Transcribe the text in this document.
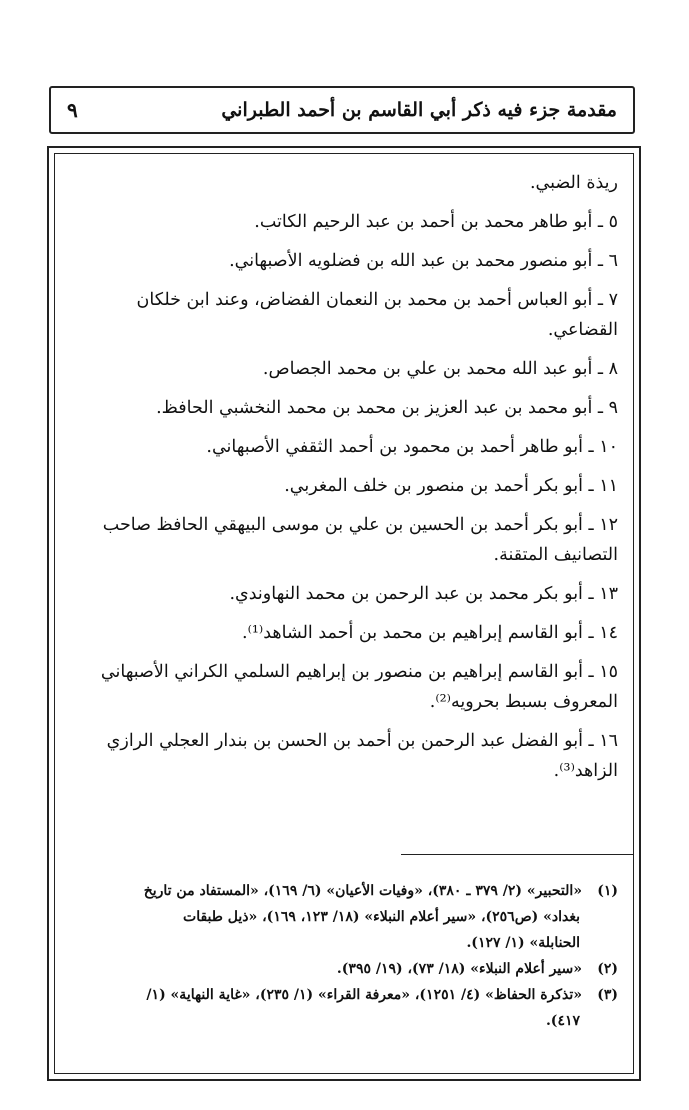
مقدمة جزء فيه ذكر أبي القاسم بن أحمد الطبراني
٩
ريذة الضبي.
٥ ـ أبو طاهر محمد بن أحمد بن عبد الرحيم الكاتب.
٦ ـ أبو منصور محمد بن عبد الله بن فضلويه الأصبهاني.
٧ ـ أبو العباس أحمد بن محمد بن النعمان الفضاض، وعند ابن خلكان
القضاعي.
٨ ـ أبو عبد الله محمد بن علي بن محمد الجصاص.
٩ ـ أبو محمد بن عبد العزيز بن محمد بن محمد النخشبي الحافظ.
١٠ ـ أبو طاهر أحمد بن محمود بن أحمد الثقفي الأصبهاني.
١١ ـ أبو بكر أحمد بن منصور بن خلف المغربي.
١٢ ـ أبو بكر أحمد بن الحسين بن علي بن موسى البيهقي الحافظ صاحب
التصانيف المتقنة.
١٣ ـ أبو بكر محمد بن عبد الرحمن بن محمد النهاوندي.
١٤ ـ أبو القاسم إبراهيم بن محمد بن أحمد الشاهد⁽¹⁾.
١٥ ـ أبو القاسم إبراهيم بن منصور بن إبراهيم السلمي الكراني الأصبهاني
المعروف بسبط بحرويه⁽²⁾.
١٦ ـ أبو الفضل عبد الرحمن بن أحمد بن الحسن بن بندار العجلي الرازي
الزاهد⁽³⁾.
(١)«التحبير» (٢/ ٣٧٩ ـ ٣٨٠)، «وفيات الأعيان» (٦/ ١٦٩)، «المستفاد من تاريخ
بغداد» (ص٢٥٦)، «سير أعلام النبلاء» (١٨/ ١٢٣، ١٦٩)، «ذيل طبقات
الحنابلة» (١/ ١٢٧).
(٢)«سير أعلام النبلاء» (١٨/ ٧٣)، (١٩/ ٣٩٥).
(٣)«تذكرة الحفاظ» (٤/ ١٢٥١)، «معرفة القراء» (١/ ٢٣٥)، «غاية النهاية» (١/
٤١٧).
